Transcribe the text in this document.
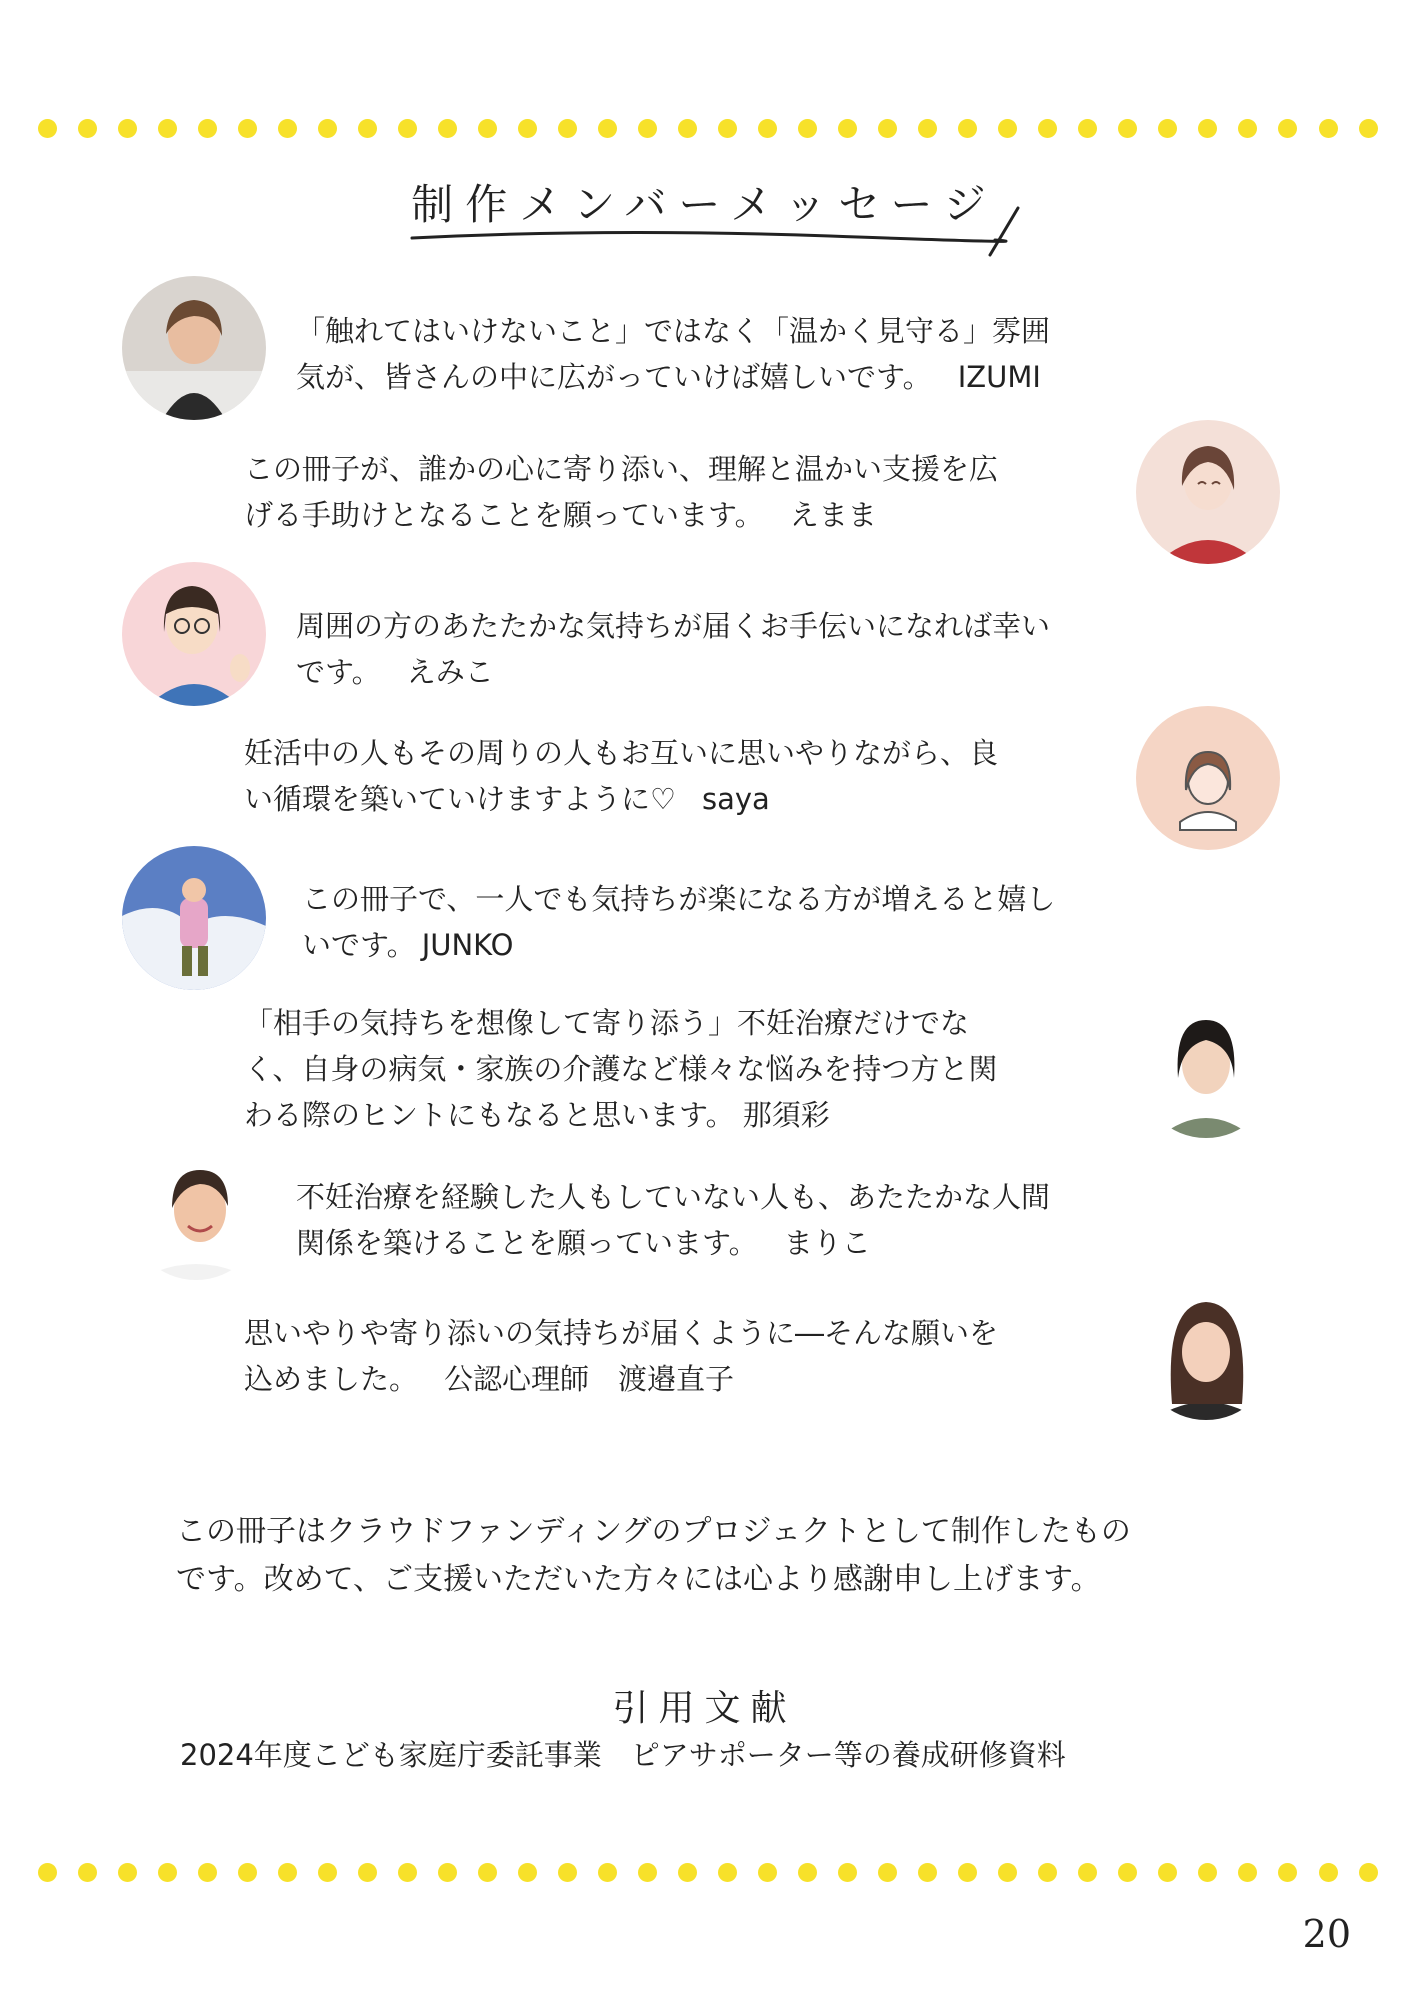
制作メンバーメッセージ
「触れてはいけないこと」ではなく「温かく見守る」雰囲
気が、皆さんの中に広がっていけば嬉しいです。 IZUMI
この冊子が、誰かの心に寄り添い、理解と温かい支援を広
げる手助けとなることを願っています。 えまま
周囲の方のあたたかな気持ちが届くお手伝いになれば幸い
です。 えみこ
妊活中の人もその周りの人もお互いに思いやりながら、良
い循環を築いていけますように♡ saya
この冊子で、一人でも気持ちが楽になる方が増えると嬉し
いです。 JUNKO
「相手の気持ちを想像して寄り添う」不妊治療だけでな
く、自身の病気・家族の介護など様々な悩みを持つ方と関
わる際のヒントにもなると思います。 那須彩
不妊治療を経験した人もしていない人も、あたたかな人間
関係を築けることを願っています。 まりこ
思いやりや寄り添いの気持ちが届くように―そんな願いを
込めました。 公認心理師　渡邉直子
この冊子はクラウドファンディングのプロジェクトとして制作したもの
です。改めて、ご支援いただいた方々には心より感謝申し上げます。
引用文献
2024年度こども家庭庁委託事業　ピアサポーター等の養成研修資料
20
